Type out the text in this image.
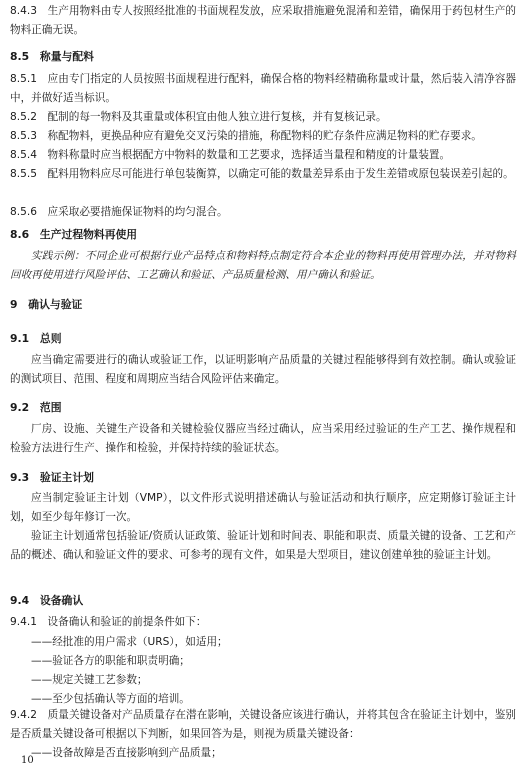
8.4.3　生产用物料由专人按照经批准的书面规程发放，应采取措施避免混淆和差错，确保用于药包材生产的物料正确无误。

8.5　称量与配料

8.5.1　应由专门指定的人员按照书面规程进行配料，确保合格的物料经精确称量或计量，然后装入清净容器中，并做好适当标识。

8.5.2　配制的每一物料及其重量或体积宜由他人独立进行复核，并有复核记录。

8.5.3　称配物料，更换品种应有避免交叉污染的措施，称配物料的贮存条件应满足物料的贮存要求。

8.5.4　物料称量时应当根据配方中物料的数量和工艺要求，选择适当量程和精度的计量装置。

8.5.5　配料用物料应尽可能进行单包装衡算，以确定可能的数量差异系由于发生差错或原包装误差引起的。

8.5.6　应采取必要措施保证物料的均匀混合。

8.6　生产过程物料再使用

实践示例：不同企业可根据行业产品特点和物料特点制定符合本企业的物料再使用管理办法，并对物料回收再使用进行风险评估、工艺确认和验证、产品质量检测、用户确认和验证。

9　确认与验证

9.1　总则

应当确定需要进行的确认或验证工作，以证明影响产品质量的关键过程能够得到有效控制。确认或验证的测试项目、范围、程度和周期应当结合风险评估来确定。

9.2　范围

厂房、设施、关键生产设备和关键检验仪器应当经过确认，应当采用经过验证的生产工艺、操作规程和检验方法进行生产、操作和检验，并保持持续的验证状态。

9.3　验证主计划

应当制定验证主计划（VMP），以文件形式说明措述确认与验证活动和执行顺序，应定期修订验证主计划，如至少每年修订一次。

验证主计划通常包括验证/资质认证政策、验证计划和时间表、职能和职责、质量关键的设备、工艺和产品的概述、确认和验证文件的要求、可参考的现有文件，如果是大型项目，建议创建单独的验证主计划。

9.4　设备确认

9.4.1　设备确认和验证的前提条件如下：

——经批准的用户需求（URS），如适用；
——验证各方的职能和职责明确；
——规定关键工艺参数；
——至少包括确认等方面的培训。

9.4.2　质量关键设备对产品质量存在潜在影响，关键设备应该进行确认，并将其包含在验证主计划中，鉴别是否质量关键设备可根据以下判断，如果回答为是，则视为质量关键设备：

——设备故障是否直接影响到产品质量；
10
